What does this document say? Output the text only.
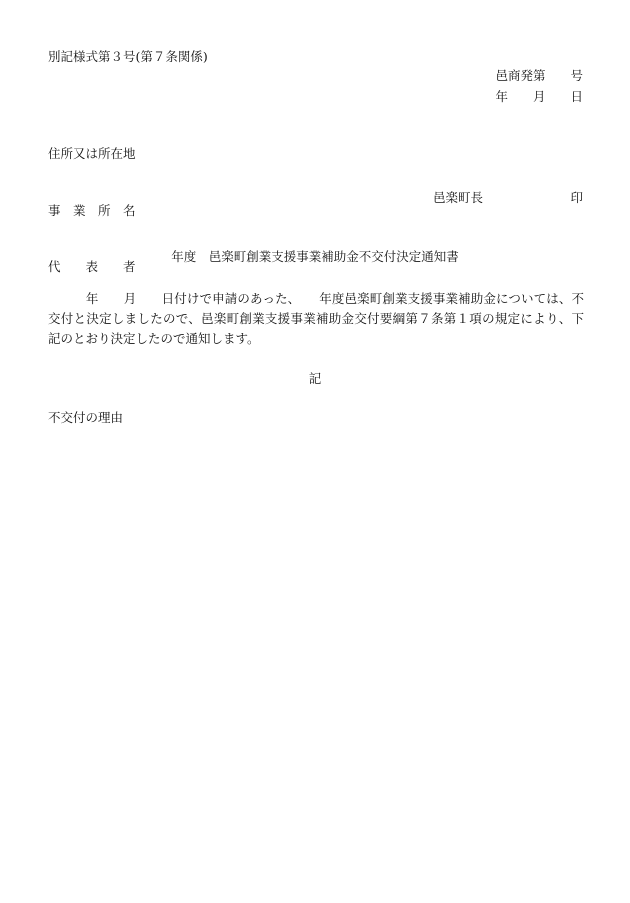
別記様式第３号(第７条関係)
邑商発第　　号
年　　月　　日

住所又は所在地

事　業　所　名

代　　表　　者

邑楽町長　　　　　　　印
年度　邑楽町創業支援事業補助金不交付決定通知書
　　　年　　月　　日付けで申請のあった、　　年度邑楽町創業支援事業補助金については、不交付と決定しましたので、邑楽町創業支援事業補助金交付要綱第７条第１項の規定により、下記のとおり決定したので通知します。
記
不交付の理由
